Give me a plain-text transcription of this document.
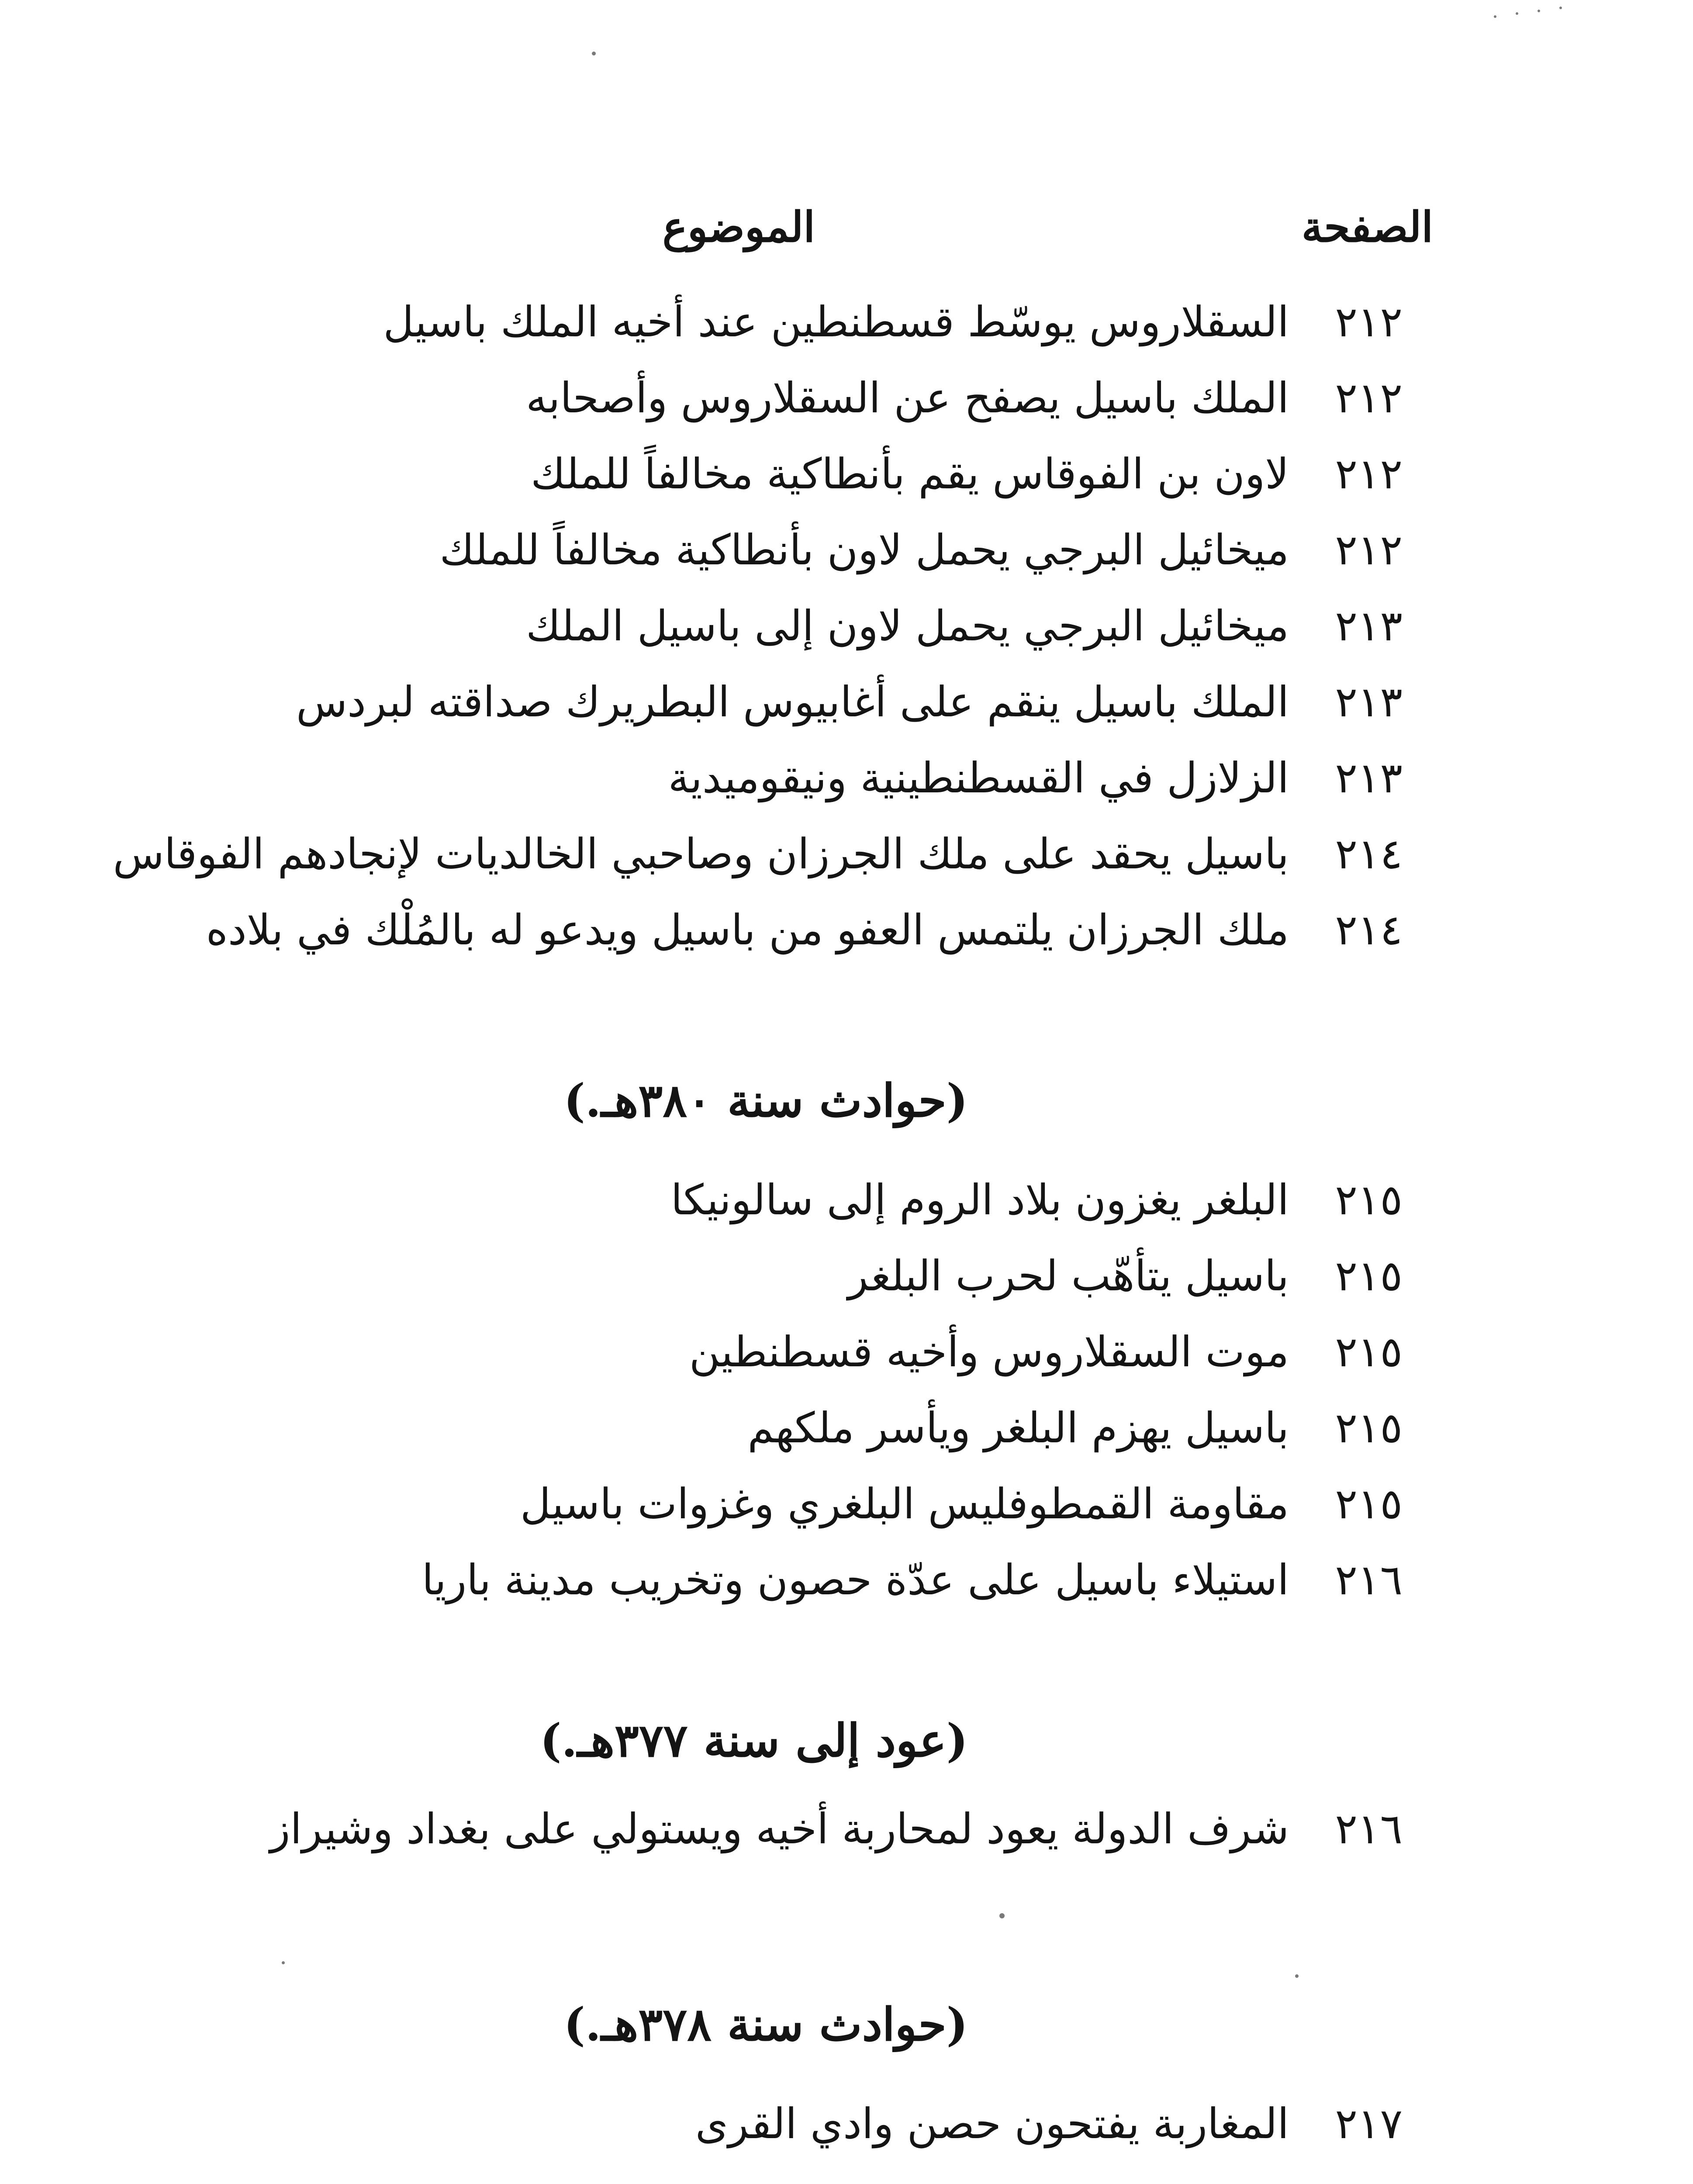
الصفحة
الموضوع
٢١٢
السقلاروس يوسّط قسطنطين عند أخيه الملك باسيل
٢١٢
الملك باسيل يصفح عن السقلاروس وأصحابه
٢١٢
لاون بن الفوقاس يقم بأنطاكية مخالفاً للملك
٢١٢
ميخائيل البرجي يحمل لاون بأنطاكية مخالفاً للملك
٢١٣
ميخائيل البرجي يحمل لاون إلى باسيل الملك
٢١٣
الملك باسيل ينقم على أغابيوس البطريرك صداقته لبردس
٢١٣
الزلازل في القسطنطينية ونيقوميدية
٢١٤
باسيل يحقد على ملك الجرزان وصاحبي الخالديات لإنجادهم الفوقاس
٢١٤
ملك الجرزان يلتمس العفو من باسيل ويدعو له بالمُلْك في بلاده
(حوادث سنة ٣٨٠هـ.)
٢١٥
البلغر يغزون بلاد الروم إلى سالونيكا
٢١٥
باسيل يتأهّب لحرب البلغر
٢١٥
موت السقلاروس وأخيه قسطنطين
٢١٥
باسيل يهزم البلغر ويأسر ملكهم
٢١٥
مقاومة القمطوفليس البلغري وغزوات باسيل
٢١٦
استيلاء باسيل على عدّة حصون وتخريب مدينة باريا
(عود إلى سنة ٣٧٧هـ.)
٢١٦
شرف الدولة يعود لمحاربة أخيه ويستولي على بغداد وشيراز
(حوادث سنة ٣٧٨هـ.)
٢١٧
المغاربة يفتحون حصن وادي القرى
